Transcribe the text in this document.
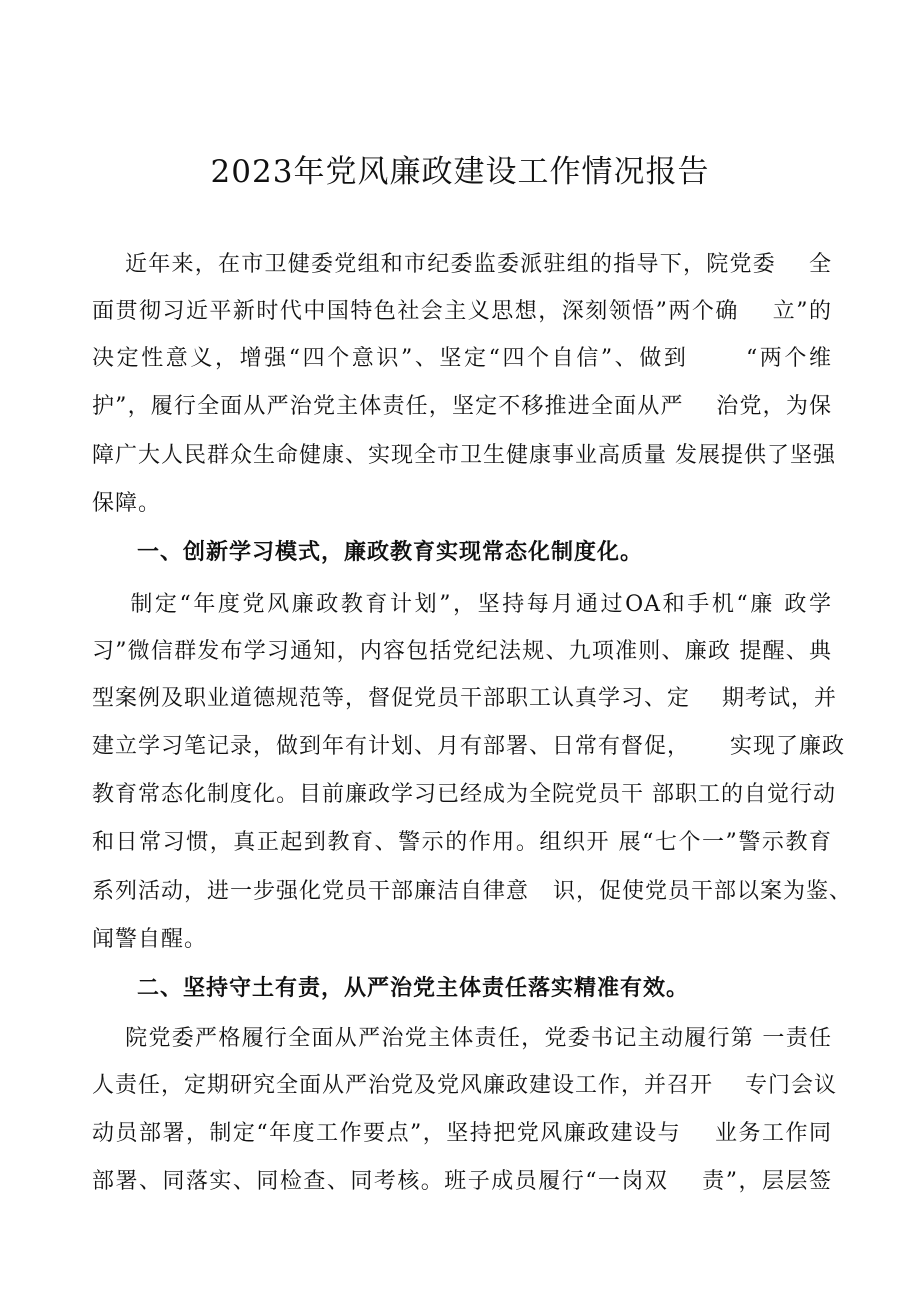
2023年党风廉政建设工作情况报告
近年来，在市卫健委党组和市纪委监委派驻组的指导下，院党委    全
面贯彻习近平新时代中国特色社会主义思想，深刻领悟”两个确    立”的
决定性意义，增强“四个意识”、坚定“四个自信”、做到      “两个维
护”，履行全面从严治党主体责任，坚定不移推进全面从严    治党，为保
障广大人民群众生命健康、实现全市卫生健康事业高质量 发展提供了坚强
保障。
一、创新学习模式，廉政教育实现常态化制度化。
制定“年度党风廉政教育计划”，坚持每月通过OA和手机“廉 政学
习”微信群发布学习通知，内容包括党纪法规、九项准则、廉政 提醒、典
型案例及职业道德规范等，督促党员干部职工认真学习、定    期考试，并
建立学习笔记录，做到年有计划、月有部署、日常有督促，     实现了廉政
教育常态化制度化。目前廉政学习已经成为全院党员干 部职工的自觉行动
和日常习惯，真正起到教育、警示的作用。组织开 展“七个一”警示教育
系列活动，进一步强化党员干部廉洁自律意   识，促使党员干部以案为鉴、
闻警自醒。
二、坚持守土有责，从严治党主体责任落实精准有效。
院党委严格履行全面从严治党主体责任，党委书记主动履行第 一责任
人责任，定期研究全面从严治党及党风廉政建设工作，并召开    专门会议
动员部署，制定“年度工作要点”，坚持把党风廉政建设与    业务工作同
部署、同落实、同检查、同考核。班子成员履行“一岗双    责”，层层签
